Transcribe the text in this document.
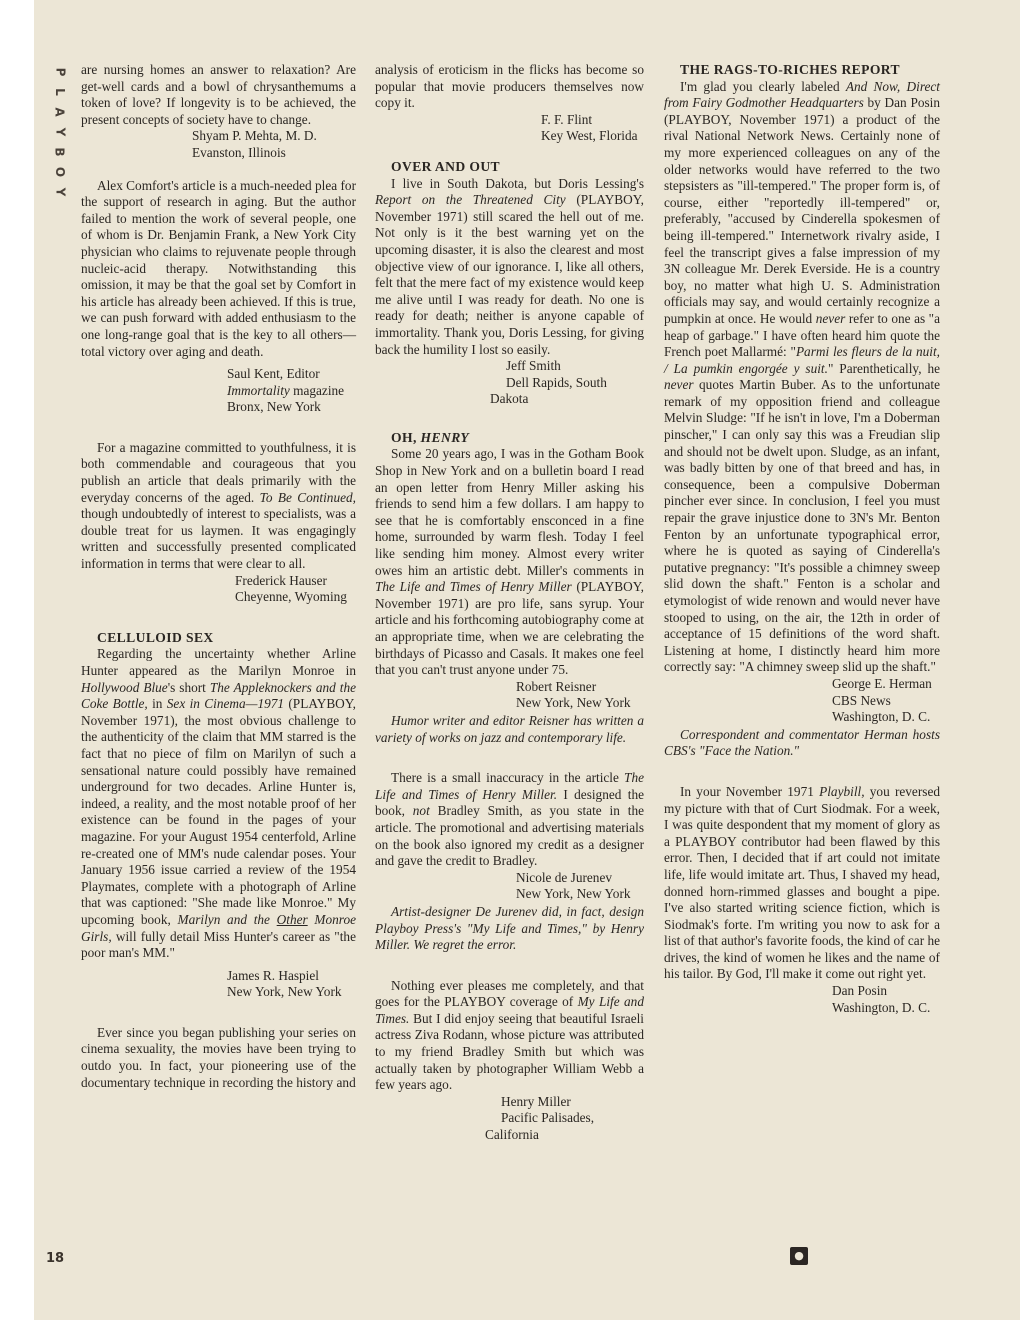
P
L
A
Y
B
O
Y

are nursing homes an answer to relaxation? Are get-well cards and a bowl of chrysanthemums a token of love? If longevity is to be achieved, the present concepts of society have to change.

Shyam P. Mehta, M. D.
Evanston, Illinois

Alex Comfort's article is a much-needed plea for the support of research in aging. But the author failed to mention the work of several people, one of whom is Dr. Benjamin Frank, a New York City physician who claims to rejuvenate people through nucleic-acid therapy. Notwithstanding this omission, it may be that the goal set by Comfort in his article has already been achieved. If this is true, we can push forward with added enthusiasm to the one long-range goal that is the key to all others—total victory over aging and death.

Saul Kent, Editor
Immortality magazine
Bronx, New York

For a magazine committed to youthfulness, it is both commendable and courageous that you publish an article that deals primarily with the everyday concerns of the aged. To Be Continued, though undoubtedly of interest to specialists, was a double treat for us laymen. It was engagingly written and successfully presented complicated information in terms that were clear to all.

Frederick Hauser
Cheyenne, Wyoming

CELLULOID SEX

Regarding the uncertainty whether Arline Hunter appeared as the Marilyn Monroe in Hollywood Blue's short The Appleknockers and the Coke Bottle, in Sex in Cinema—1971 (PLAYBOY, November 1971), the most obvious challenge to the authenticity of the claim that MM starred is the fact that no piece of film on Marilyn of such a sensational nature could possibly have remained underground for two decades. Arline Hunter is, indeed, a reality, and the most notable proof of her existence can be found in the pages of your magazine. For your August 1954 centerfold, Arline re-created one of MM's nude calendar poses. Your January 1956 issue carried a review of the 1954 Playmates, complete with a photograph of Arline that was captioned: "She made like Monroe." My upcoming book, Marilyn and the Other Monroe Girls, will fully detail Miss Hunter's career as "the poor man's MM."

James R. Haspiel
New York, New York

Ever since you began publishing your series on cinema sexuality, the movies have been trying to outdo you. In fact, your pioneering use of the documentary technique in recording the history and

analysis of eroticism in the flicks has become so popular that movie producers themselves now copy it.

F. F. Flint
Key West, Florida

OVER AND OUT

I live in South Dakota, but Doris Lessing's Report on the Threatened City (PLAYBOY, November 1971) still scared the hell out of me. Not only is it the best warning yet on the upcoming disaster, it is also the clearest and most objective view of our ignorance. I, like all others, felt that the mere fact of my existence would keep me alive until I was ready for death. No one is ready for death; neither is anyone capable of immortality. Thank you, Doris Lessing, for giving back the humility I lost so easily.

Jeff Smith
Dell Rapids, South Dakota

OH, HENRY

Some 20 years ago, I was in the Gotham Book Shop in New York and on a bulletin board I read an open letter from Henry Miller asking his friends to send him a few dollars. I am happy to see that he is comfortably ensconced in a fine home, surrounded by warm flesh. Today I feel like sending him money. Almost every writer owes him an artistic debt. Miller's comments in The Life and Times of Henry Miller (PLAYBOY, November 1971) are pro life, sans syrup. Your article and his forthcoming autobiography come at an appropriate time, when we are celebrating the birthdays of Picasso and Casals. It makes one feel that you can't trust anyone under 75.

Robert Reisner
New York, New York

Humor writer and editor Reisner has written a variety of works on jazz and contemporary life.

There is a small inaccuracy in the article The Life and Times of Henry Miller. I designed the book, not Bradley Smith, as you state in the article. The promotional and advertising materials on the book also ignored my credit as a designer and gave the credit to Bradley.

Nicole de Jurenev
New York, New York

Artist-designer De Jurenev did, in fact, design Playboy Press's "My Life and Times," by Henry Miller. We regret the error.

Nothing ever pleases me completely, and that goes for the PLAYBOY coverage of My Life and Times. But I did enjoy seeing that beautiful Israeli actress Ziva Rodann, whose picture was attributed to my friend Bradley Smith but which was actually taken by photographer William Webb a few years ago.

Henry Miller
Pacific Palisades, California

THE RAGS-TO-RICHES REPORT

I'm glad you clearly labeled And Now, Direct from Fairy Godmother Headquarters by Dan Posin (PLAYBOY, November 1971) a product of the rival National Network News. Certainly none of my more experienced colleagues on any of the older networks would have referred to the two stepsisters as "ill-tempered." The proper form is, of course, either "reportedly ill-tempered" or, preferably, "accused by Cinderella spokesmen of being ill-tempered." Internetwork rivalry aside, I feel the transcript gives a false impression of my 3N colleague Mr. Derek Everside. He is a country boy, no matter what high U. S. Administration officials may say, and would certainly recognize a pumpkin at once. He would never refer to one as "a heap of garbage." I have often heard him quote the French poet Mallarmé: "Parmi les fleurs de la nuit, / La pumkin engorgée y suit." Parenthetically, he never quotes Martin Buber. As to the unfortunate remark of my opposition friend and colleague Melvin Sludge: "If he isn't in love, I'm a Doberman pinscher," I can only say this was a Freudian slip and should not be dwelt upon. Sludge, as an infant, was badly bitten by one of that breed and has, in consequence, been a compulsive Doberman pincher ever since. In conclusion, I feel you must repair the grave injustice done to 3N's Mr. Benton Fenton by an unfortunate typographical error, where he is quoted as saying of Cinderella's putative pregnancy: "It's possible a chimney sweep slid down the shaft." Fenton is a scholar and etymologist of wide renown and would never have stooped to using, on the air, the 12th in order of acceptance of 15 definitions of the word shaft. Listening at home, I distinctly heard him more correctly say: "A chimney sweep slid up the shaft."

George E. Herman
CBS News
Washington, D. C.

Correspondent and commentator Herman hosts CBS's "Face the Nation."

In your November 1971 Playbill, you reversed my picture with that of Curt Siodmak. For a week, I was quite despondent that my moment of glory as a PLAYBOY contributor had been flawed by this error. Then, I decided that if art could not imitate life, life would imitate art. Thus, I shaved my head, donned horn-rimmed glasses and bought a pipe. I've also started writing science fiction, which is Siodmak's forte. I'm writing you now to ask for a list of that author's favorite foods, the kind of car he drives, the kind of women he likes and the name of his tailor. By God, I'll make it come out right yet.

Dan Posin
Washington, D. C.

18	●
